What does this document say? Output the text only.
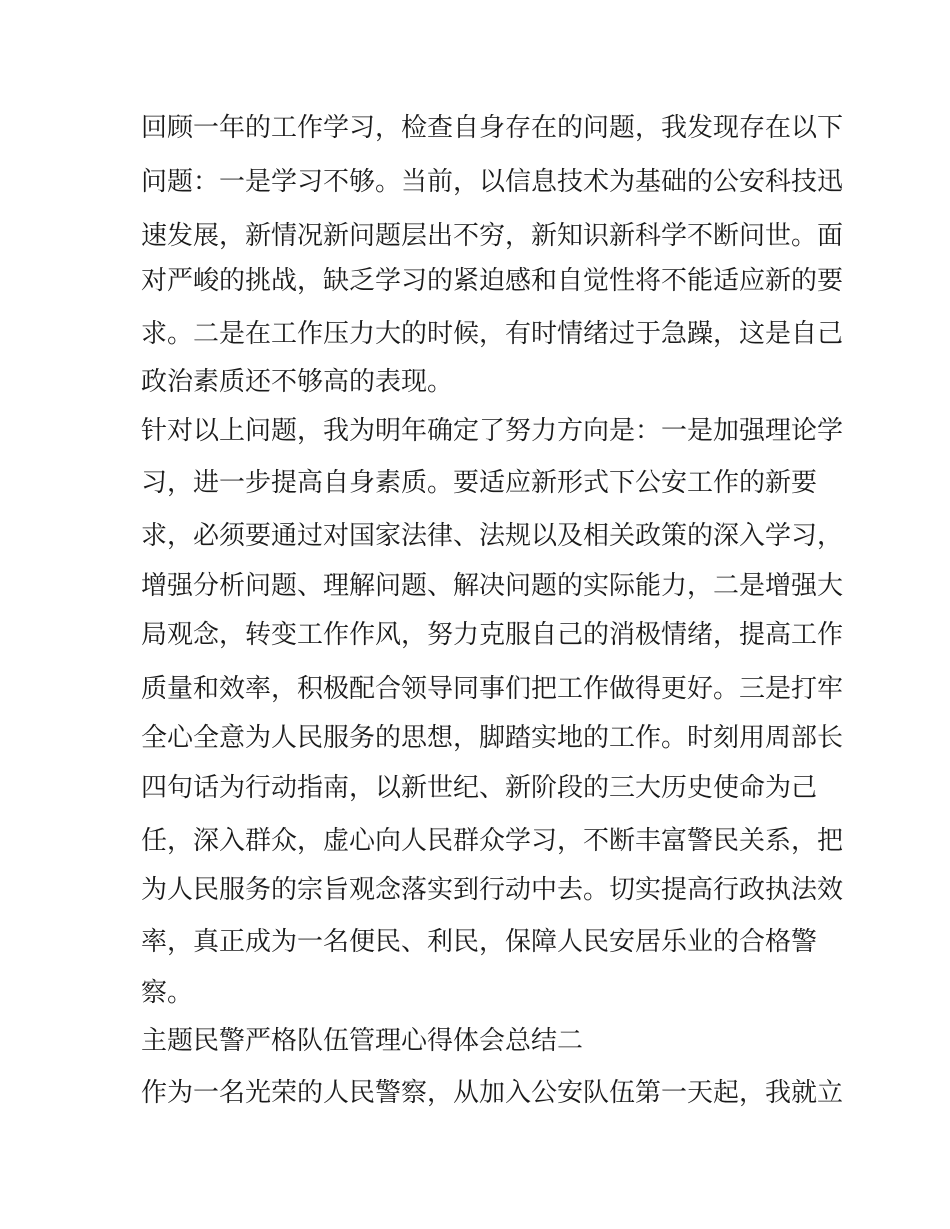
回顾一年的工作学习，检查自身存在的问题，我发现存在以下
问题：一是学习不够。当前，以信息技术为基础的公安科技迅
速发展，新情况新问题层出不穷，新知识新科学不断问世。面
对严峻的挑战，缺乏学习的紧迫感和自觉性将不能适应新的要
求。二是在工作压力大的时候，有时情绪过于急躁，这是自己
政治素质还不够高的表现。
针对以上问题，我为明年确定了努力方向是：一是加强理论学
习，进一步提高自身素质。要适应新形式下公安工作的新要
求，必须要通过对国家法律、法规以及相关政策的深入学习，
增强分析问题、理解问题、解决问题的实际能力，二是增强大
局观念，转变工作作风，努力克服自己的消极情绪，提高工作
质量和效率，积极配合领导同事们把工作做得更好。三是打牢
全心全意为人民服务的思想，脚踏实地的工作。时刻用周部长
四句话为行动指南，以新世纪、新阶段的三大历史使命为己
任，深入群众，虚心向人民群众学习，不断丰富警民关系，把
为人民服务的宗旨观念落实到行动中去。切实提高行政执法效
率，真正成为一名便民、利民，保障人民安居乐业的合格警
察。
主题民警严格队伍管理心得体会总结二
作为一名光荣的人民警察，从加入公安队伍第一天起，我就立
